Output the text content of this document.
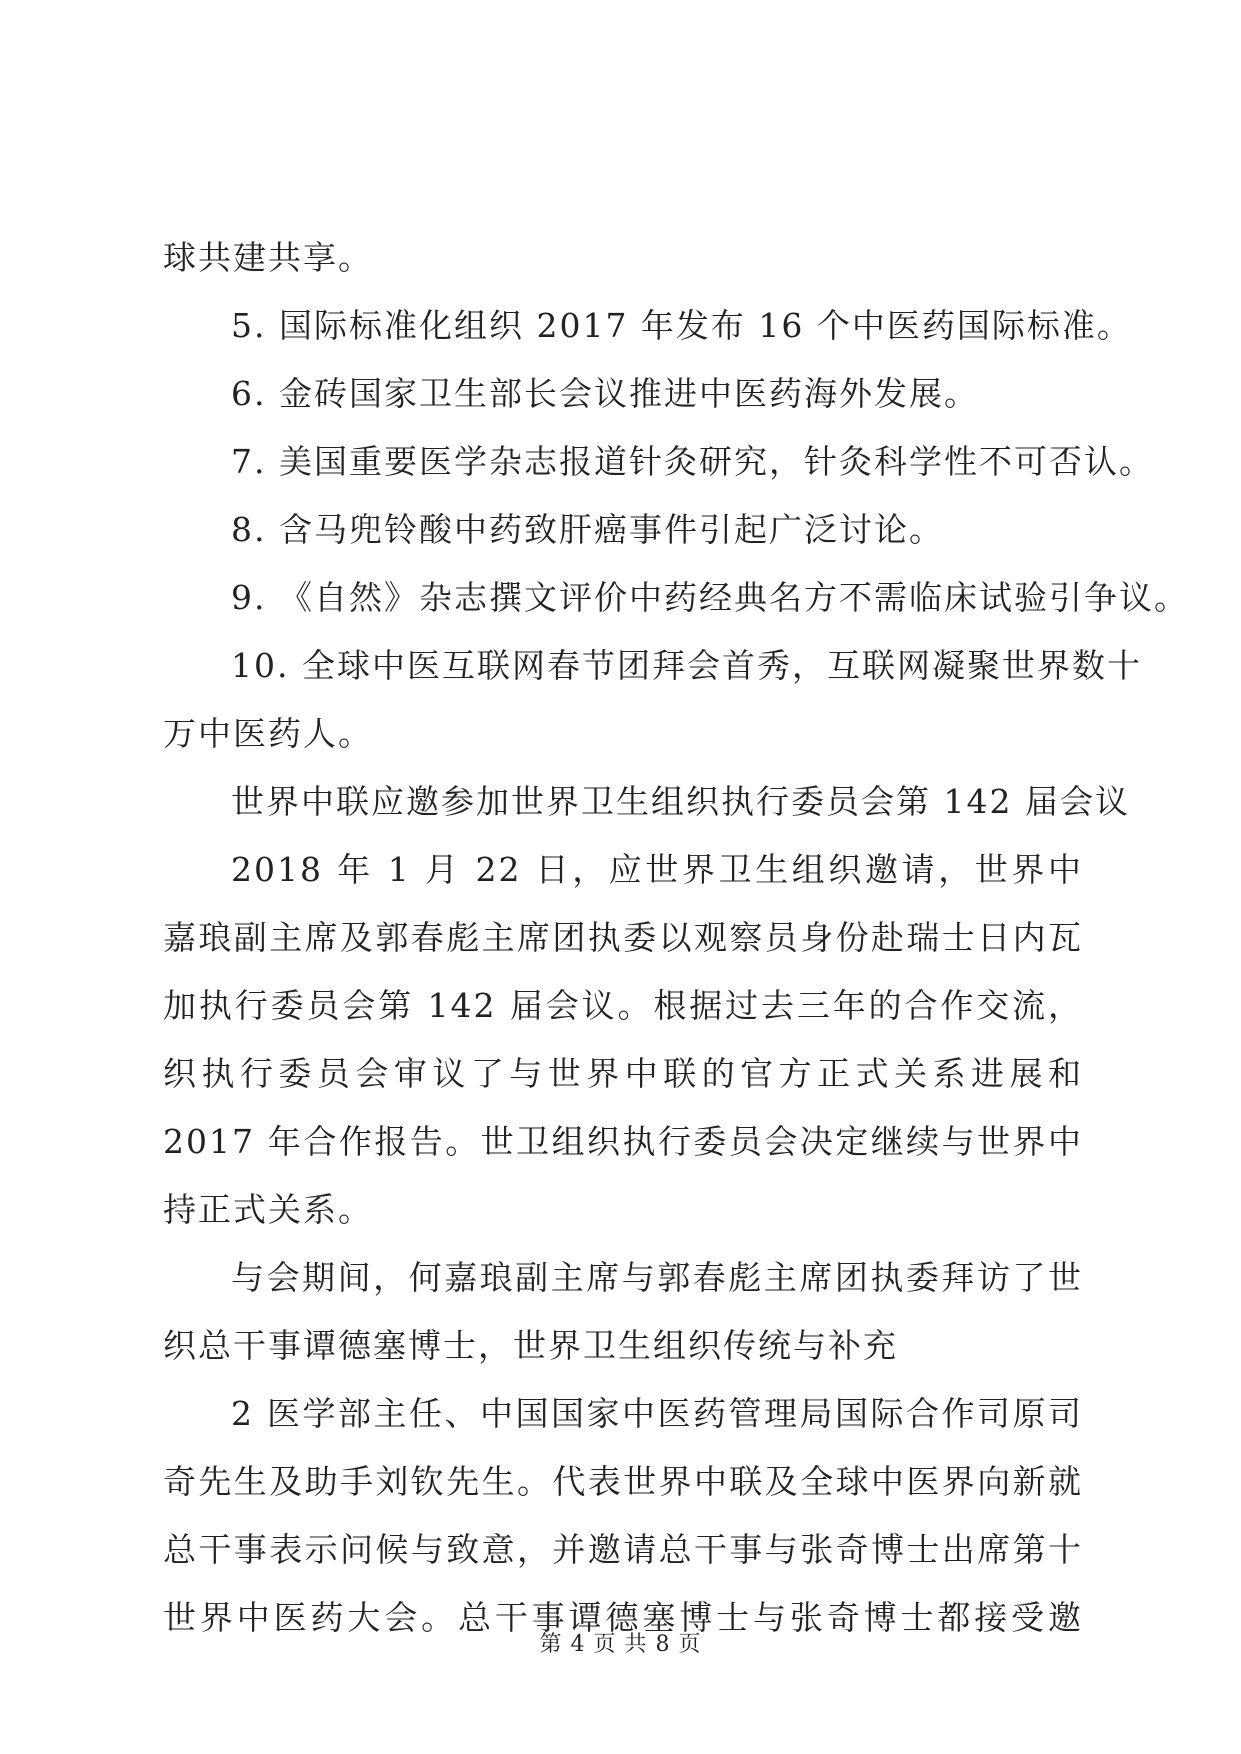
球共建共享。
5. 国际标准化组织 2017 年发布 16 个中医药国际标准。
6. 金砖国家卫生部长会议推进中医药海外发展。
7. 美国重要医学杂志报道针灸研究，针灸科学性不可否认。
8. 含马兜铃酸中药致肝癌事件引起广泛讨论。
9. 《自然》杂志撰文评价中药经典名方不需临床试验引争议。
10. 全球中医互联网春节团拜会首秀，互联网凝聚世界数十
万中医药人。
世界中联应邀参加世界卫生组织执行委员会第 142 届会议
2018 年 1 月 22 日，应世界卫生组织邀请，世界中
嘉琅副主席及郭春彪主席团执委以观察员身份赴瑞士日内瓦
加执行委员会第 142 届会议。根据过去三年的合作交流，
织执行委员会审议了与世界中联的官方正式关系进展和
2017 年合作报告。世卫组织执行委员会决定继续与世界中
持正式关系。
与会期间，何嘉琅副主席与郭春彪主席团执委拜访了世
织总干事谭德塞博士，世界卫生组织传统与补充
2 医学部主任、中国国家中医药管理局国际合作司原司
奇先生及助手刘钦先生。代表世界中联及全球中医界向新就
总干事表示问候与致意，并邀请总干事与张奇博士出席第十
世界中医药大会。总干事谭德塞博士与张奇博士都接受邀
第 4 页 共 8 页
